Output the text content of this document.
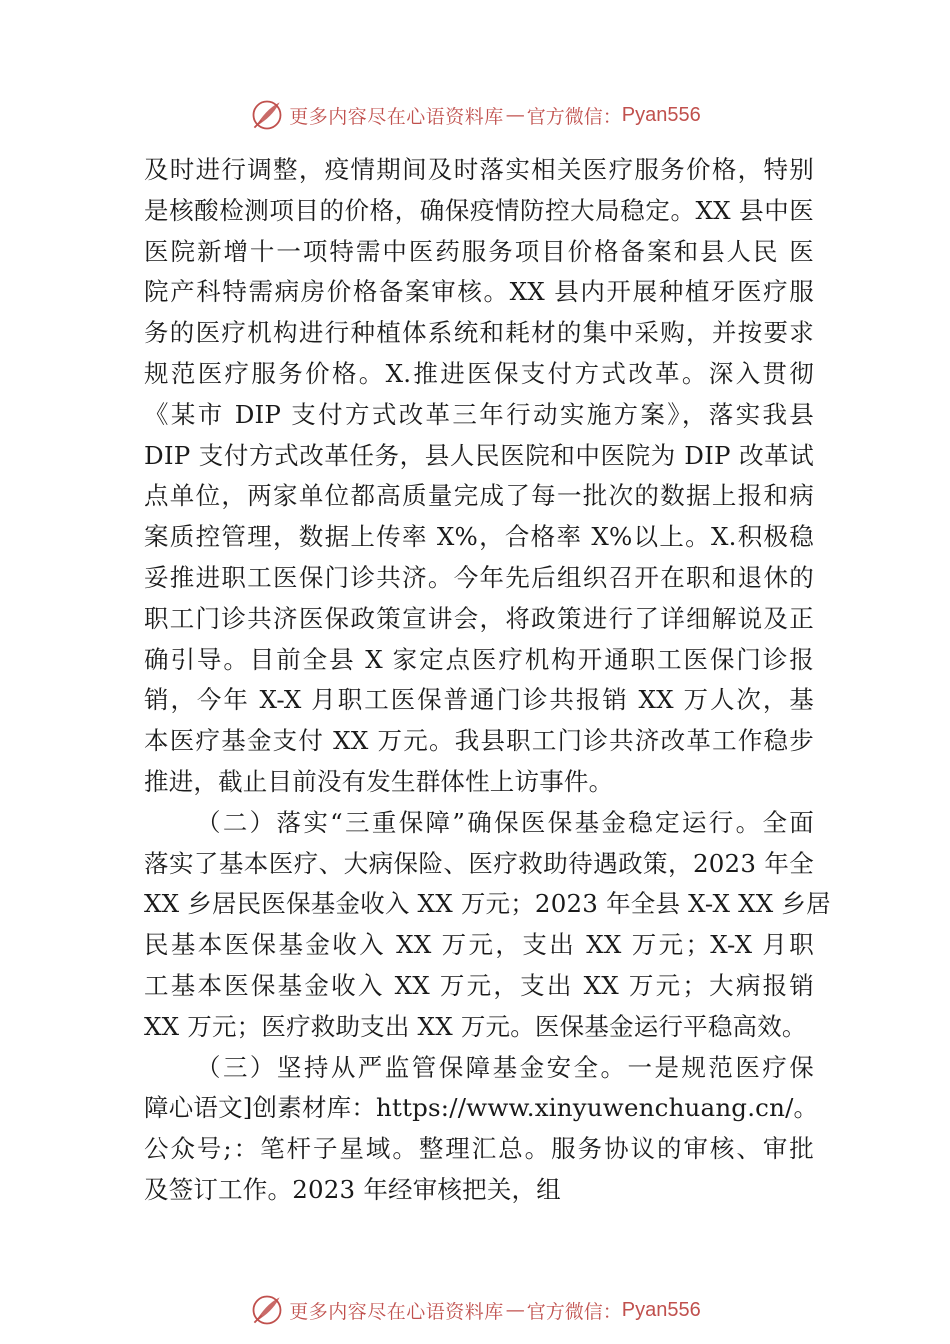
更多内容尽在心语资料库 — 官方微信： Pyan556
及时进行调整，疫情期间及时落实相关医疗服务价格，特别
是核酸检测项目的价格，确保疫情防控大局稳定。XX 县中医
医院新增十一项特需中医药服务项目价格备案和县人民 医
院产科特需病房价格备案审核。XX 县内开展种植牙医疗服
务的医疗机构进行种植体系统和耗材的集中采购，并按要求
规范医疗服务价格。X.推进医保支付方式改革。深入贯彻
《某市 DIP 支付方式改革三年行动实施方案》，落实我县
DIP 支付方式改革任务，县人民医院和中医院为 DIP 改革试
点单位，两家单位都高质量完成了每一批次的数据上报和病
案质控管理，数据上传率 X%，合格率 X%以上。X.积极稳
妥推进职工医保门诊共济。今年先后组织召开在职和退休的
职工门诊共济医保政策宣讲会，将政策进行了详细解说及正
确引导。目前全县 X 家定点医疗机构开通职工医保门诊报
销，今年 X-X 月职工医保普通门诊共报销 XX 万人次，基
本医疗基金支付 XX 万元。我县职工门诊共济改革工作稳步
推进，截止目前没有发生群体性上访事件。
（二）落实“三重保障”确保医保基金稳定运行。全面
落实了基本医疗、大病保险、医疗救助待遇政策，2023 年全
XX 乡居民医保基金收入 XX 万元；2023 年全县 X-X XX 乡居
民基本医保基金收入 XX 万元，支出 XX 万元；X-X 月职
工基本医保基金收入 XX 万元，支出 XX 万元；大病报销
XX 万元；医疗救助支出 XX 万元。医保基金运行平稳高效。
（三）坚持从严监管保障基金安全。一是规范医疗保
障心语文]创素材库：https://www.xinyuwenchuang.cn/。
公众号;：笔杆子星域。整理汇总。服务协议的审核、审批
及签订工作。2023 年经审核把关，组
更多内容尽在心语资料库 — 官方微信： Pyan556
